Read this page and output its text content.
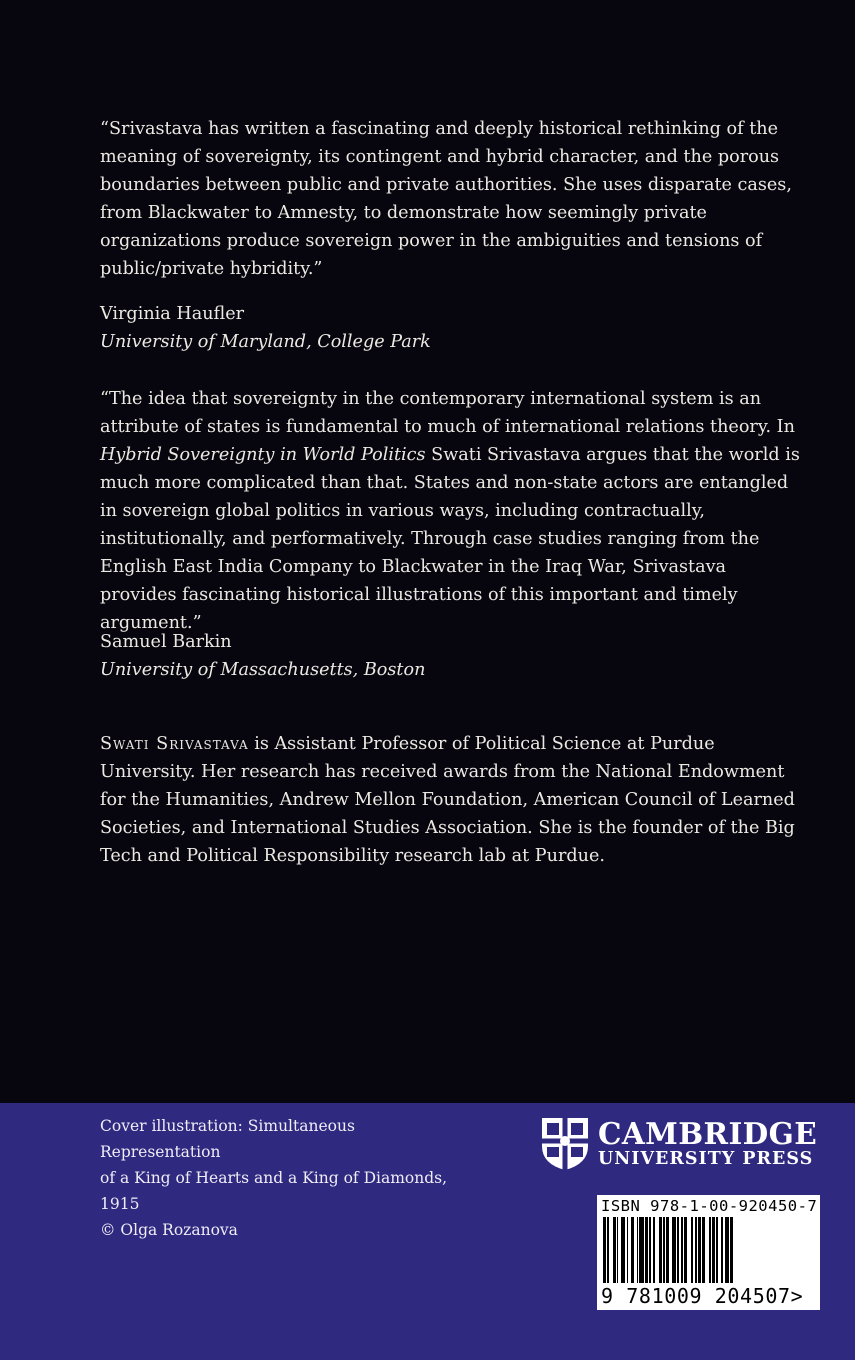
“Srivastava has written a fascinating and deeply historical rethinking of the meaning of sovereignty, its contingent and hybrid character, and the porous boundaries between public and private authorities. She uses disparate cases, from Blackwater to Amnesty, to demonstrate how seemingly private organizations produce sovereign power in the ambiguities and tensions of public/private hybridity.”

Virginia Haufler

University of Maryland, College Park

“The idea that sovereignty in the contemporary international system is an attribute of states is fundamental to much of international relations theory. In Hybrid Sovereignty in World Politics Swati Srivastava argues that the world is much more complicated than that. States and non-state actors are entangled in sovereign global politics in various ways, including contractually, institutionally, and performatively. Through case studies ranging from the English East India Company to Blackwater in the Iraq War, Srivastava provides fascinating historical illustrations of this important and timely argument.”

Samuel Barkin

University of Massachusetts, Boston

Swati Srivastava is Assistant Professor of Political Science at Purdue University. Her research has received awards from the National Endowment for the Humanities, Andrew Mellon Foundation, American Council of Learned Societies, and International Studies Association. She is the founder of the Big Tech and Political Responsibility research lab at Purdue.

Cover illustration: Simultaneous Representation
of a King of Hearts and a King of Diamonds, 1915
© Olga Rozanova

CAMBRIDGE
UNIVERSITY PRESS
ISBN 978-1-00-920450-7
9 781009 204507>
